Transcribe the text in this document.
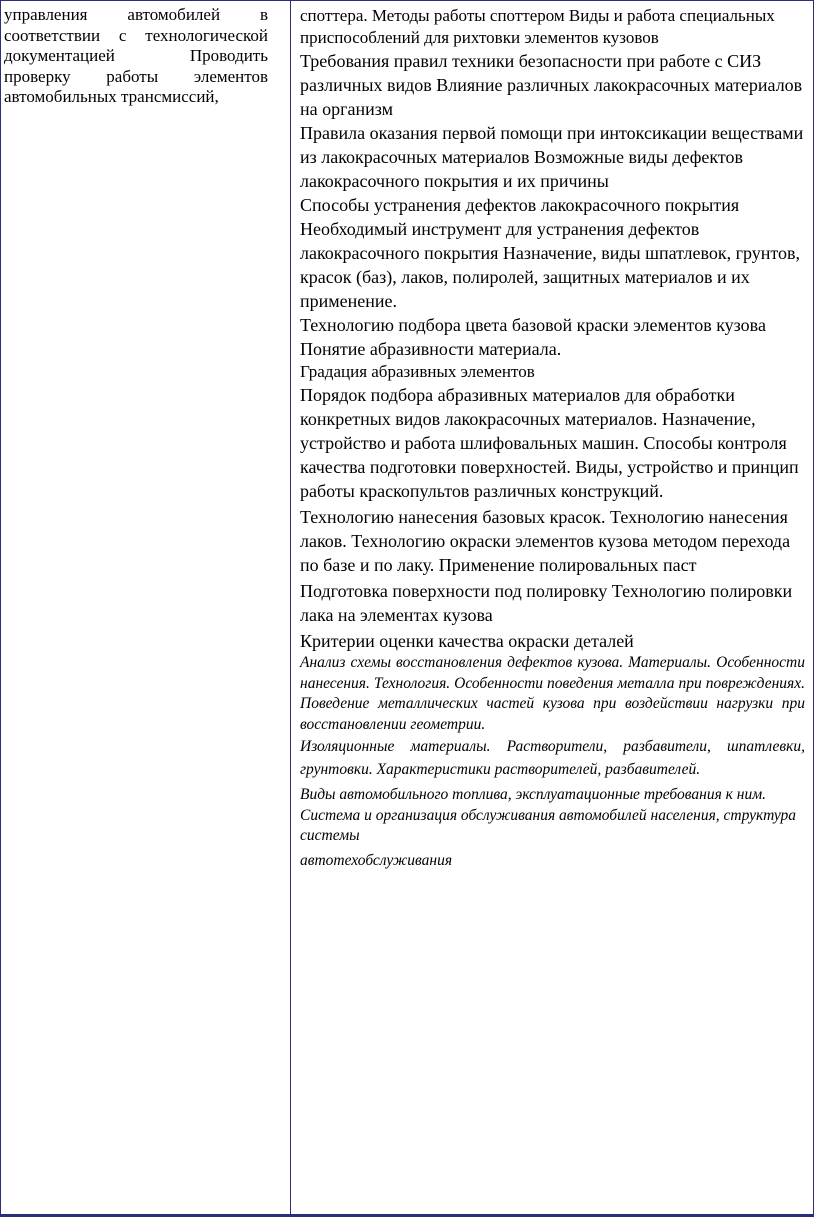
управления автомобилей в соответствии с технологической документацией Проводить проверку работы элементов автомобильных трансмиссий,

споттера. Методы работы споттером Виды и работа специальных

приспособлений для рихтовки элементов кузовов

Требования правил техники безопасности при работе с СИЗ различных видов Влияние различных лакокрасочных материалов на организм

Правила оказания первой помощи при интоксикации веществами из лакокрасочных материалов Возможные виды дефектов лакокрасочного покрытия и их причины

Способы устранения дефектов лакокрасочного покрытия

Необходимый инструмент для устранения дефектов лакокрасочного покрытия Назначение, виды шпатлевок, грунтов, красок (баз), лаков, полиролей, защитных материалов и их применение.

Технологию подбора цвета базовой краски элементов кузова

Понятие абразивности материала.

Градация абразивных элементов

Порядок подбора абразивных материалов для обработки конкретных видов лакокрасочных материалов. Назначение, устройство и работа шлифовальных машин. Способы контроля качества подготовки поверхностей. Виды, устройство и принцип работы краскопультов различных конструкций.

Технологию нанесения базовых красок. Технологию нанесения лаков. Технологию окраски элементов кузова методом перехода по базе и по лаку. Применение полировальных паст

Подготовка поверхности под полировку Технологию полировки лака на элементах кузова

Критерии оценки качества окраски деталей

Анализ схемы восстановления дефектов кузова. Материалы. Особенности нанесения. Технология. Особенности поведения металла при повреждениях. Поведение металлических частей кузова при воздействии нагрузки при восстановлении геометрии.

Изоляционные материалы. Растворители, разбавители, шпатлевки, грунтовки. Характеристики растворителей, разбавителей.

Виды автомобильного топлива, эксплуатационные требования к ним. Система и организация обслуживания автомобилей населения, структура системы

автотехобслуживания
